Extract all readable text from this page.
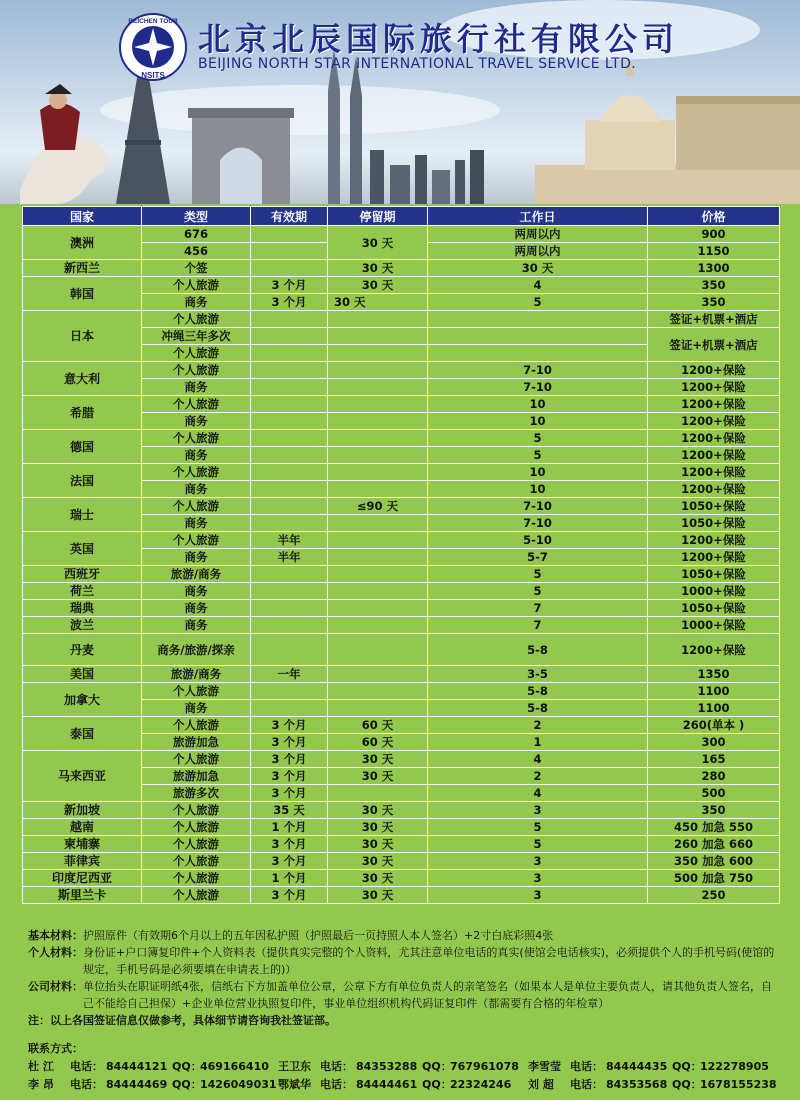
BEICHEN TOUR
NSITS
北京北辰国际旅行社有限公司
BEIJING NORTH STAR INTERNATIONAL TRAVEL SERVICE LTD.
国家	类型	有效期	停留期	工作日	价格
澳洲	676		30 天	两周以内	900
	456			两周以内	1150
新西兰	个签		30 天	30 天	1300
韩国	个人旅游	3 个月	30 天	4	350
	商务	3 个月	30 天	5	350
日本	个人旅游				签证+机票+酒店
	冲绳三年多次				签证+机票+酒店
	个人旅游				
意大利	个人旅游			7-10	1200+保险
	商务			7-10	1200+保险
希腊	个人旅游			10	1200+保险
	商务			10	1200+保险
德国	个人旅游			5	1200+保险
	商务			5	1200+保险
法国	个人旅游			10	1200+保险
	商务			10	1200+保险
瑞士	个人旅游		≤90 天	7-10	1050+保险
	商务			7-10	1050+保险
英国	个人旅游	半年		5-10	1200+保险
	商务	半年		5-7	1200+保险
西班牙	旅游/商务			5	1050+保险
荷兰	商务			5	1000+保险
瑞典	商务			7	1050+保险
波兰	商务			7	1000+保险
丹麦	商务/旅游/探亲			5-8	1200+保险
美国	旅游/商务	一年		3-5	1350
加拿大	个人旅游			5-8	1100
	商务			5-8	1100
泰国	个人旅游	3 个月	60 天	2	260(单本 )
	旅游加急	3 个月	60 天	1	300
马来西亚	个人旅游	3 个月	30 天	4	165
	旅游加急	3 个月	30 天	2	280
	旅游多次	3 个月		4	500
新加坡	个人旅游	35 天	30 天	3	350
越南	个人旅游	1 个月	30 天	5	450 加急 550
柬埔寨	个人旅游	3 个月	30 天	5	260 加急 660
菲律宾	个人旅游	3 个月	30 天	3	350 加急 600
印度尼西亚	个人旅游	1 个月	30 天	3	500 加急 750
斯里兰卡	个人旅游	3 个月	30 天	3	250
基本材料： 护照原件（有效期6个月以上的五年因私护照（护照最后一页持照人本人签名）+2寸白底彩照4张
个人材料： 身份证+户口簿复印件+个人资料表（提供真实完整的个人资料，尤其注意单位电话的真实(使馆会电话核实)，必须提供个人的手机号码(使馆的规定，手机号码是必须要填在申请表上的)）
公司材料： 单位抬头在职证明纸4张，信纸右下方加盖单位公章，公章下方有单位负责人的亲笔签名（如果本人是单位主要负责人，请其他负责人签名，自己不能给自己担保）+企业单位营业执照复印件，事业单位组织机构代码证复印件（都需要有合格的年检章）
注：以上各国签证信息仅做参考，具体细节请咨询我社签证部。
联系方式：
杜 江 电话： 84444121 QQ：469166410 王卫东 电话： 84353288 QQ：767961078 李雪莹 电话： 84444435 QQ：122278905
李 昂 电话： 84444469 QQ：1426049031 鄂斌华 电话： 84444461 QQ：22324246	刘 超 电话： 84353568 QQ：1678155238
